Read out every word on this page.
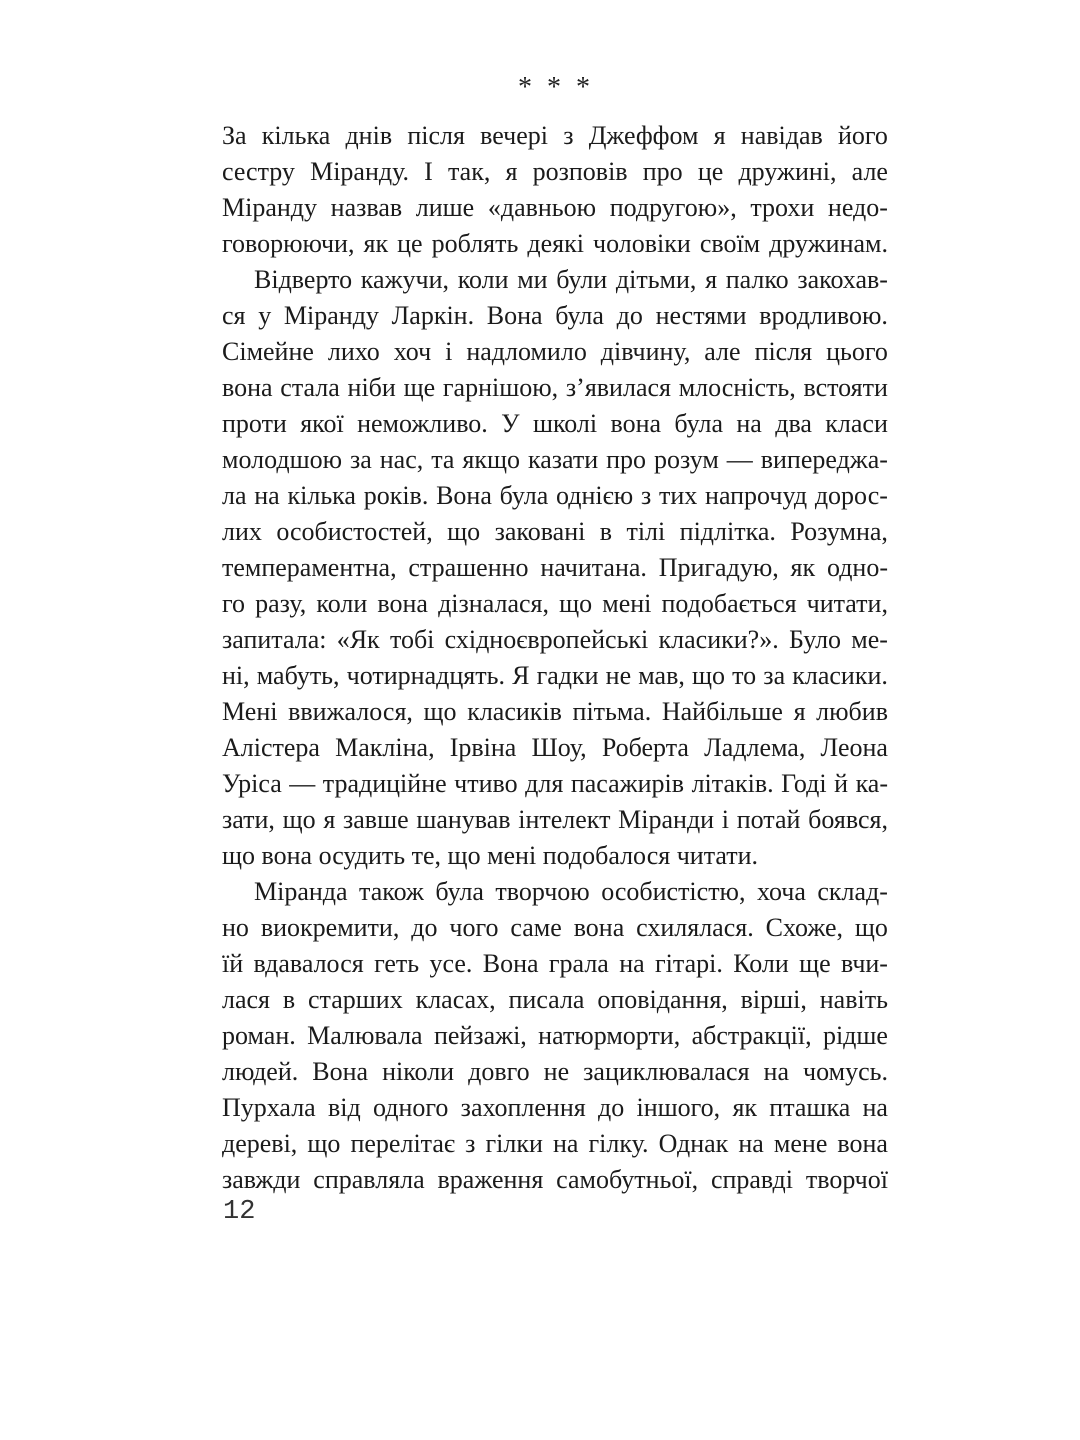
* * *
За кілька днів після вечері з Джеффом я навідав його
сестру Міранду. І так, я розповів про це дружині, але
Міранду назвав лише «давньою подругою», трохи недо-
говорюючи, як це роблять деякі чоловіки своїм дружинам.
Відверто кажучи, коли ми були дітьми, я палко закохав-
ся у Міранду Ларкін. Вона була до нестями вродливою.
Сімейне лихо хоч і надломило дівчину, але після цього
вона стала ніби ще гарнішою, з’явилася млосність, встояти
проти якої неможливо. У школі вона була на два класи
молодшою за нас, та якщо казати про розум — випереджа-
ла на кілька років. Вона була однією з тих напрочуд дорос-
лих особистостей, що заковані в тілі підлітка. Розумна,
темпераментна, страшенно начитана. Пригадую, як одно-
го разу, коли вона дізналася, що мені подобається читати,
запитала: «Як тобі східноєвропейські класики?». Було ме-
ні, мабуть, чотирнадцять. Я гадки не мав, що то за класики.
Мені ввижалося, що класиків пітьма. Найбільше я любив
Алістера Макліна, Ірвіна Шоу, Роберта Ладлема, Леона
Уріса — традиційне чтиво для пасажирів літаків. Годі й ка-
зати, що я завше шанував інтелект Міранди і потай боявся,
що вона осудить те, що мені подобалося читати.
Міранда також була творчою особистістю, хоча склад-
но виокремити, до чого саме вона схилялася. Схоже, що
їй вдавалося геть усе. Вона грала на гітарі. Коли ще вчи-
лася в старших класах, писала оповідання, вірші, навіть
роман. Малювала пейзажі, натюрморти, абстракції, рідше
людей. Вона ніколи довго не зациклювалася на чомусь.
Пурхала від одного захоплення до іншого, як пташка на
дереві, що перелітає з гілки на гілку. Однак на мене вона
завжди справляла враження самобутньої, справді творчої
12
